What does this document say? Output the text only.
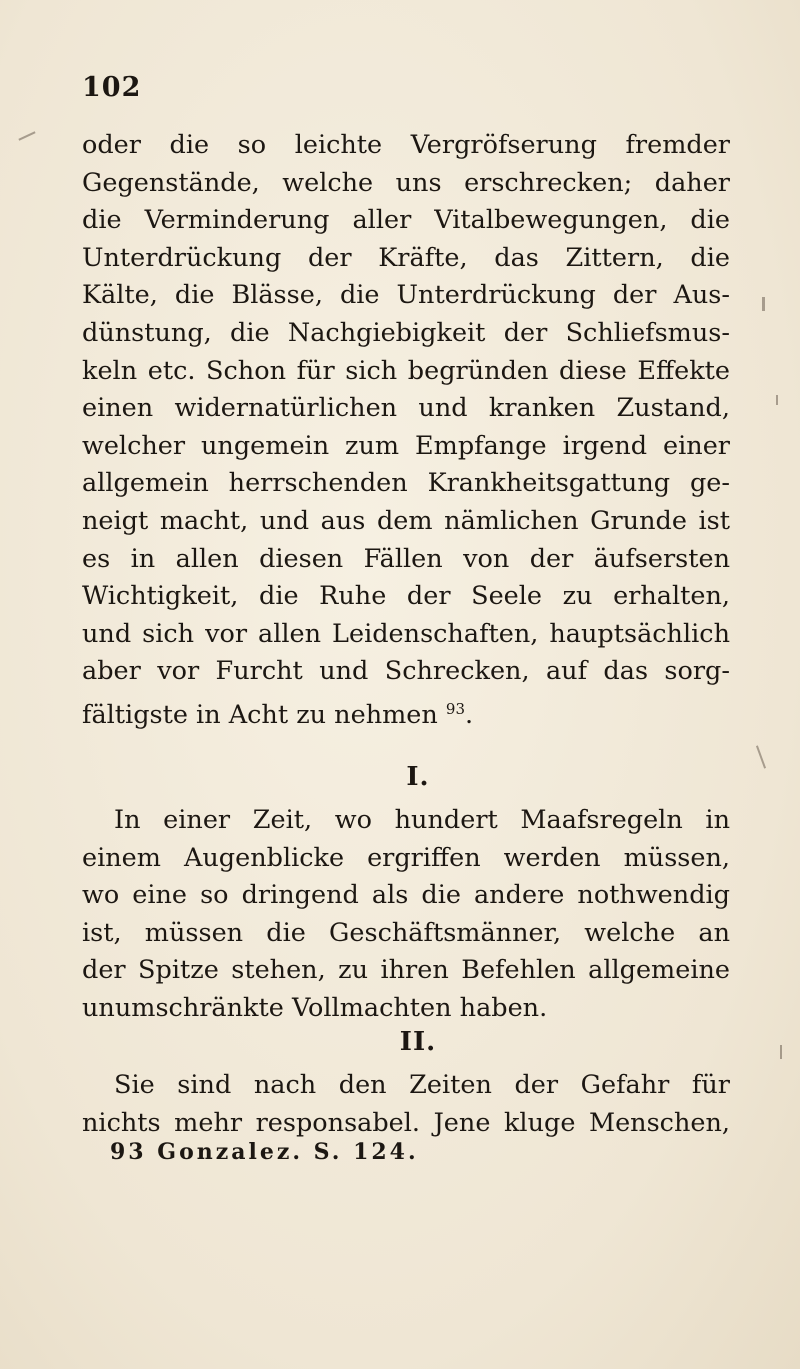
102
oder die so leichte Vergröfserung fremder
Gegenstände, welche uns erschrecken; daher
die Verminderung aller Vitalbewegungen, die
Unterdrückung der Kräfte, das Zittern, die
Kälte, die Blässe, die Unterdrückung der Aus-
dünstung, die Nachgiebigkeit der Schliefsmus-
keln etc. Schon für sich begründen diese Effekte
einen widernatürlichen und kranken Zustand,
welcher ungemein zum Empfange irgend einer
allgemein herrschenden Krankheitsgattung ge-
neigt macht, und aus dem nämlichen Grunde ist
es in allen diesen Fällen von der äufsersten
Wichtigkeit, die Ruhe der Seele zu erhalten,
und sich vor allen Leidenschaften, hauptsächlich
aber vor Furcht und Schrecken, auf das sorg-
fältigste in Acht zu nehmen $^{93}$.
I.
In einer Zeit, wo hundert Maafsregeln in
einem Augenblicke ergriffen werden müssen,
wo eine so dringend als die andere nothwendig
ist, müssen die Geschäftsmänner, welche an
der Spitze stehen, zu ihren Befehlen allgemeine
unumschränkte Vollmachten haben.
II.
Sie sind nach den Zeiten der Gefahr für
nichts mehr responsabel. Jene kluge Menschen,
93 Gonzalez. S. 124.
